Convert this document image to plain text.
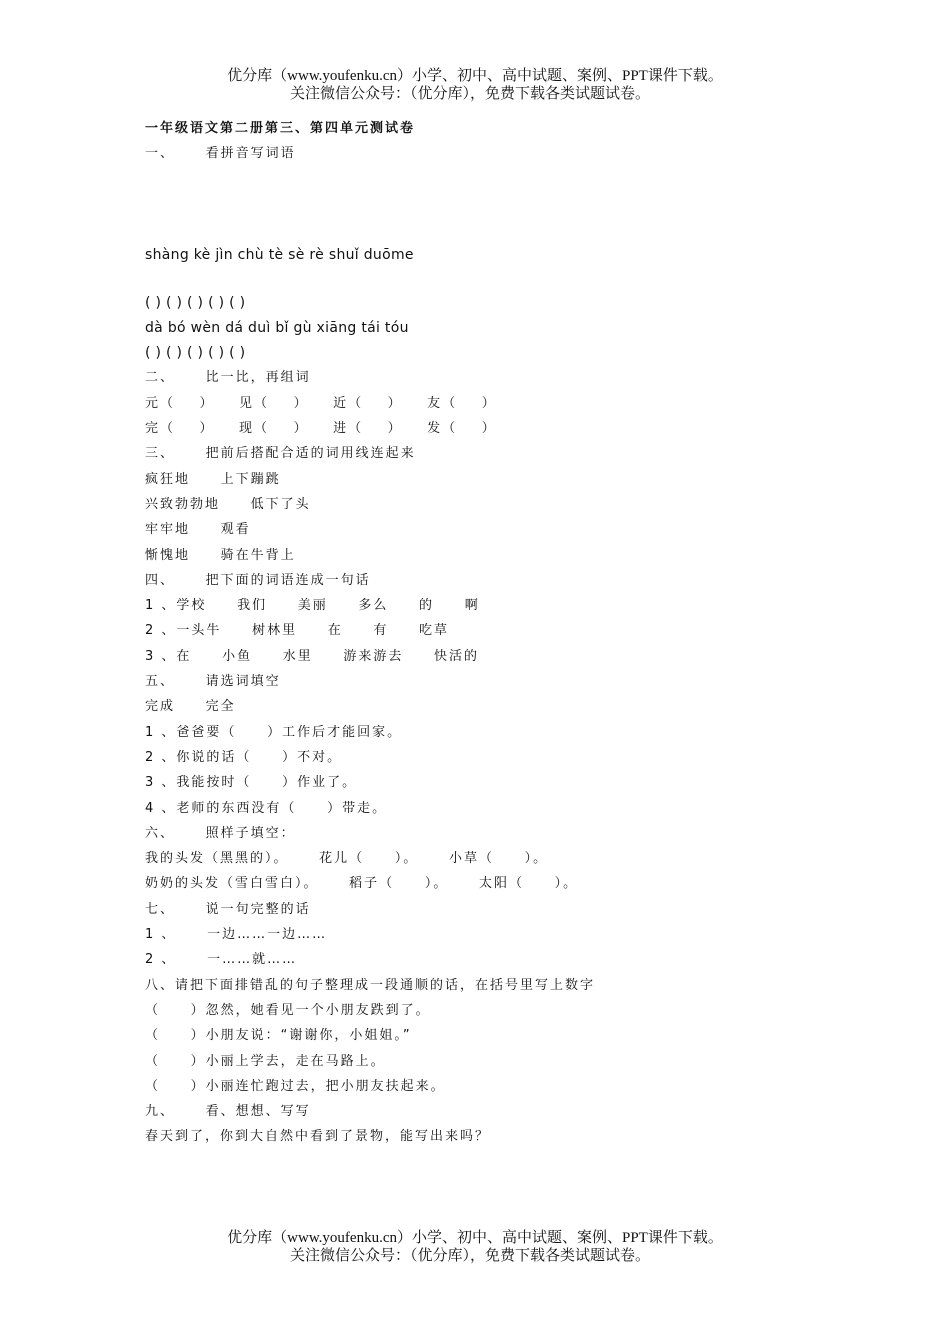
优分库（www.youfenku.cn）小学、初中、高中试题、案例、PPT课件下载。
关注微信公众号：（优分库），免费下载各类试题试卷。
一年级语文第二册第三、第四单元测试卷
一、     看拼音写词语
shàng kè jìn chù tè sè rè shuǐ duōme
( ) ( ) ( ) ( ) ( )
dà bó wèn dá duì bǐ gù xiāng tái tóu
( ) ( ) ( ) ( ) ( )
二、     比一比，再组词
元（    ）    见（    ）    近（    ）    友（    ）
完（    ）    现（    ）    进（    ）    发（    ）
三、     把前后搭配合适的词用线连起来
疯狂地     上下蹦跳
兴致勃勃地     低下了头
牢牢地     观看
惭愧地     骑在牛背上
四、     把下面的词语连成一句话
1 、学校     我们     美丽     多么     的     啊
2 、一头牛     树林里     在     有     吃草
3 、在     小鱼     水里     游来游去     快活的
五、     请选词填空
完成     完全
1 、爸爸要（     ）工作后才能回家。
2 、你说的话（     ）不对。
3 、我能按时（     ）作业了。
4 、老师的东西没有（     ）带走。
六、     照样子填空：
我的头发（黑黑的）。     花儿（     ）。     小草（     ）。
奶奶的头发（雪白雪白）。     稻子（     ）。     太阳（     ）。
七、     说一句完整的话
1 、     一边……一边……
2 、     一……就……
八、请把下面排错乱的句子整理成一段通顺的话，在括号里写上数字
（     ）忽然，她看见一个小朋友跌到了。
（     ）小朋友说：“谢谢你，小姐姐。”
（     ）小丽上学去，走在马路上。
（     ）小丽连忙跑过去，把小朋友扶起来。
九、     看、想想、写写
春天到了，你到大自然中看到了景物，能写出来吗？
优分库（www.youfenku.cn）小学、初中、高中试题、案例、PPT课件下载。
关注微信公众号：（优分库），免费下载各类试题试卷。
